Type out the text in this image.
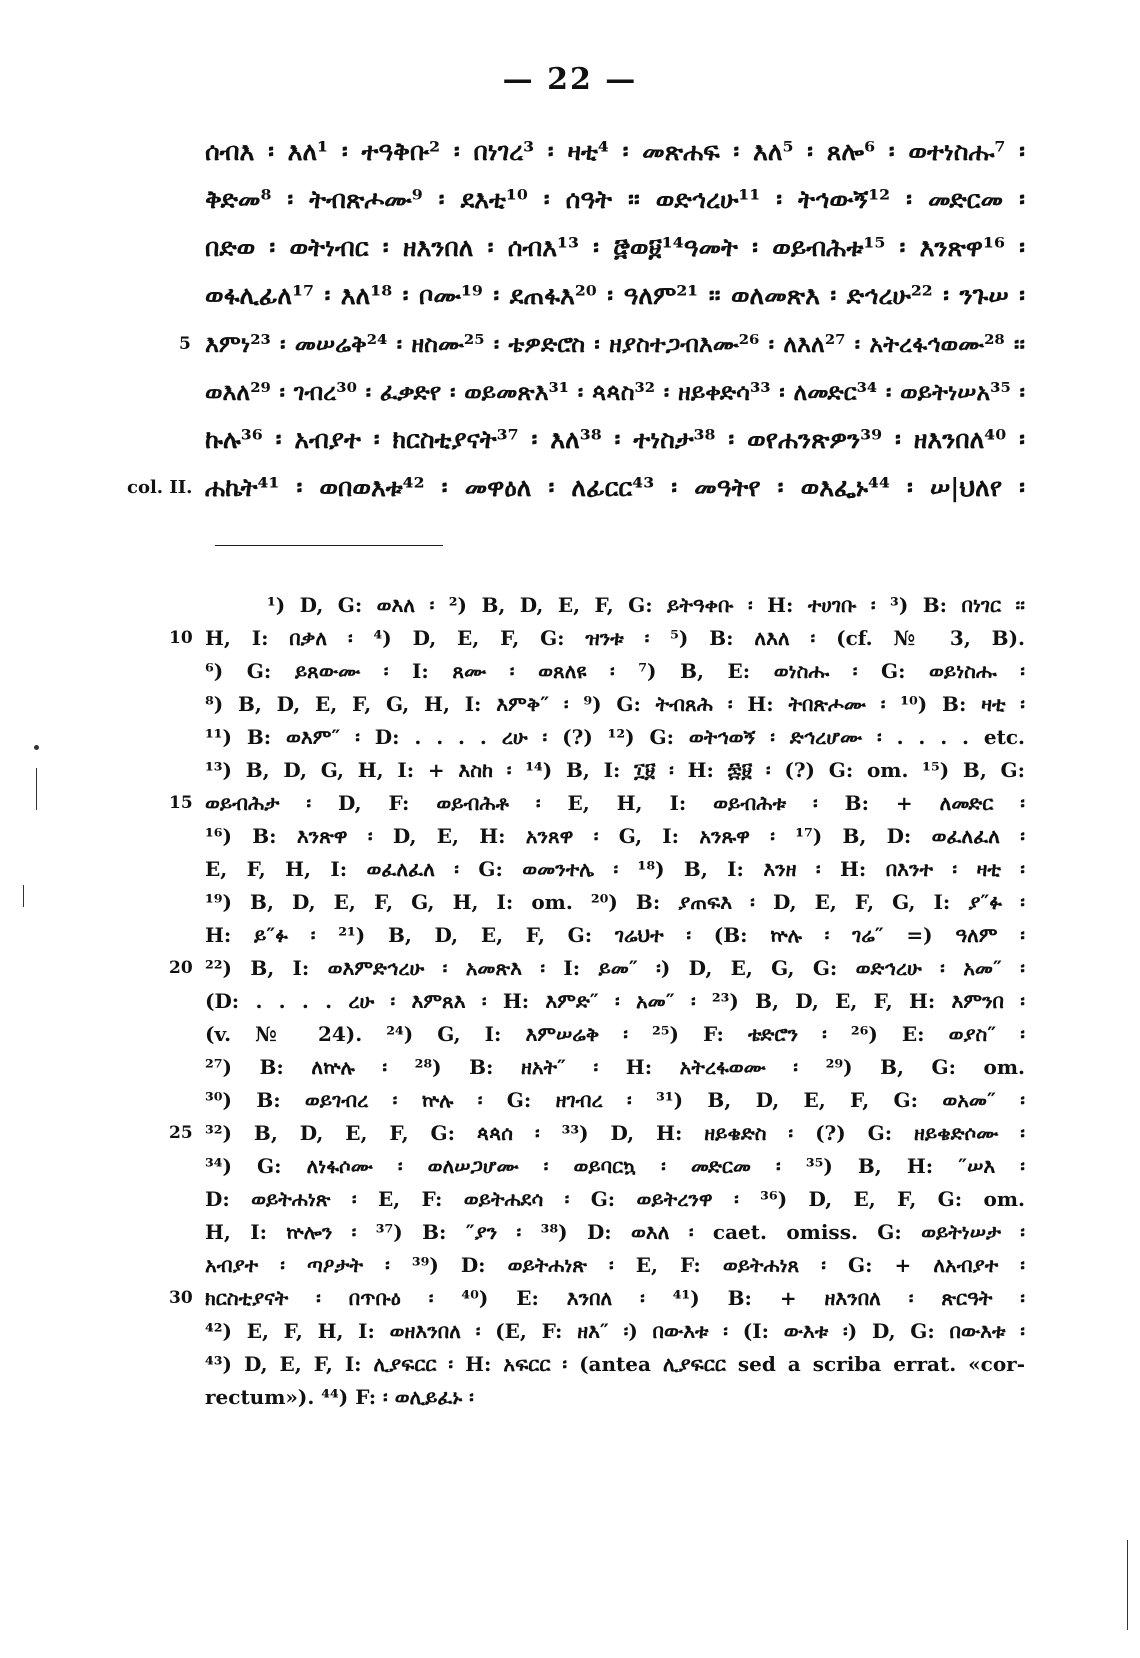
— 22 —
ሰብእ ፡ እለ¹ ፡ ተዓቅቡ² ፡ በነገረ³ ፡ ዛቲ⁴ ፡ መጽሐፍ ፡ እለ⁵ ፡ ጸሎ⁶ ፡ ወተነስሑ⁷ ፡
ቅድመ⁸ ፡ ትብጽሖሙ⁹ ፡ ደእቲ¹⁰ ፡ ሰዓት ፡፡ ወድኅረሁ¹¹ ፡ ትኅውኝ¹² ፡ መድርመ ፡
በድወ ፡ ወትነብር ፡ ዘእንበለ ፡ ሰብእ¹³ ፡ ፸ወ፱¹⁴ዓመት ፡ ወይብሕቱ¹⁵ ፡ እንጽዋ¹⁶ ፡
ወፋሊፊለ¹⁷ ፡ እለ¹⁸ ፡ ቦሙ¹⁹ ፡ ደጠፋእ²⁰ ፡ ዓለም²¹ ፡፡ ወለመጽእ ፡ ድኅረሁ²² ፡ ንጉሠ ፡
5 እምነ²³ ፡ መሠሬቅ²⁴ ፡ ዘስሙ²⁵ ፡ ቴዎድሮስ ፡ ዘያስተጋብእሙ²⁶ ፡ ለእለ²⁷ ፡ አትረፋኅወሙ²⁸ ፡፡
ወእለ²⁹ ፡ ገብረ³⁰ ፡ ፈቃድየ ፡ ወይመጽእ³¹ ፡ ጳጳስ³² ፡ ዘይቀድሳ³³ ፡ ለመድር³⁴ ፡ ወይትነሠአ³⁵ ፡
ኩሉ³⁶ ፡ አብያተ ፡ ክርስቲያናት³⁷ ፡ እለ³⁸ ፡ ተነስታ³⁸ ፡ ወየሐንጽዎን³⁹ ፡ ዘእንበለ⁴⁰ ፡
col. II. ሐኬት⁴¹ ፡ ወበወእቱ⁴² ፡ መዋዕለ ፡ ለፊርር⁴³ ፡ መዓትየ ፡ ወእፌኑ⁴⁴ ፡ ሠ|ህለየ ፡
¹) D, G: ወእለ ፡ ²) B, D, E, F, G: ይትዓቀቡ ፡ H: ተሀገቡ ፡ ³) B: በነገር ፡፡
10 H, I: በቃለ ፡ ⁴) D, E, F, G: ዝንቱ ፡ ⁵) B: ለእለ ፡ (cf. № 3, B).
⁶) G: ይጸውሙ ፡ I: ጸሙ ፡ ወጸለዩ ፡ ⁷) B, E: ወነስሑ ፡ G: ወይነስሑ ፡
⁸) B, D, E, F, G, H, I: እምቅ″ ፡ ⁹) G: ትብጸሕ ፡ H: ትበጽሖሙ ፡ ¹⁰) B: ዛቲ ፡
¹¹) B: ወእም″ ፡ D: . . . . ረሁ ፡ (?) ¹²) G: ወትኅወኝ ፡ ድኅረሆሙ ፡ . . . . etc.
¹³) B, D, G, H, I: + እስከ ፡ ¹⁴) B, I: ፲፱ ፡ H: ፷፱ ፡ (?) G: om. ¹⁵) B, G:
15 ወይብሕታ ፡ D, F: ወይብሕቶ ፡ E, H, I: ወይብሕቱ ፡ B: + ለመድር ፡
¹⁶) B: እንጽዋ ፡ D, E, H: አንጸዋ ፡ G, I: አንጹዋ ፡ ¹⁷) B, D: ወፈለፈለ ፡
E, F, H, I: ወፈለፈለ ፡ G: ወመንተሌ ፡ ¹⁸) B, I: እንዘ ፡ H: በእንተ ፡ ዛቲ ፡
¹⁹) B, D, E, F, G, H, I: om. ²⁰) B: ያጠፍእ ፡ D, E, F, G, I: ያ″ፉ ፡
H: ይ″ፉ ፡ ²¹) B, D, E, F, G: ገሬህተ ፡ (B: ኵሉ ፡ ገሬ″ =) ዓለም ፡
20 ²²) B, I: ወእምድኅረሁ ፡ አመጽእ ፡ I: ይመ″ ፡) D, E, G, G: ወድኅረሁ ፡ አመ″ ፡
(D: . . . . ረሁ ፡ እምጸእ ፡ H: እምድ″ ፡ አመ″ ፡ ²³) B, D, E, F, H: እምንበ ፡
(v. № 24). ²⁴) G, I: እምሠሬቅ ፡ ²⁵) F: ቴድሮን ፡ ²⁶) E: ወያስ″ ፡
²⁷) B: ለኵሉ ፡ ²⁸) B: ዘአት″ ፡ H: አትረፋወሙ ፡ ²⁹) B, G: om.
³⁰) B: ወይገብረ ፡ ኵሉ ፡ G: ዘገብረ ፡ ³¹) B, D, E, F, G: ወአመ″ ፡
25 ³²) B, D, E, F, G: ጳጳሰ ፡ ³³) D, H: ዘይቄድስ ፡ (?) G: ዘይቄድሶሙ ፡
³⁴) G: ለነፋሶሙ ፡ ወለሠጋሆሙ ፡ ወይባርኳ ፡ መድርመ ፡ ³⁵) B, H: ″ሠእ ፡
D: ወይትሐነጽ ፡ E, F: ወይትሐደሳ ፡ G: ወይትረንዋ ፡ ³⁶) D, E, F, G: om.
H, I: ኵሎን ፡ ³⁷) B: ″ያን ፡ ³⁸) D: ወእለ ፡ caet. omiss. G: ወይትነሠታ ፡
አብያተ ፡ ጣዖታት ፡ ³⁹) D: ወይትሐነጽ ፡ E, F: ወይትሐነጸ ፡ G: + ለአብያተ ፡
30 ክርስቲያናት ፡ በጥቡዕ ፡ ⁴⁰) E: እንበለ ፡ ⁴¹) B: + ዘእንበለ ፡ ጽርዓት ፡
⁴²) E, F, H, I: ወዘእንበለ ፡ (E, F: ዘእ″ ፡) በውእቱ ፡ (I: ውእቱ ፡) D, G: በውእቱ ፡
⁴³) D, E, F, I: ሊያፍርር ፡ H: አፍርር ፡ (antea ሊያፍርር sed a scriba errat. «cor-
rectum»). ⁴⁴) F: ፡ ወሊይፈኑ ፡
